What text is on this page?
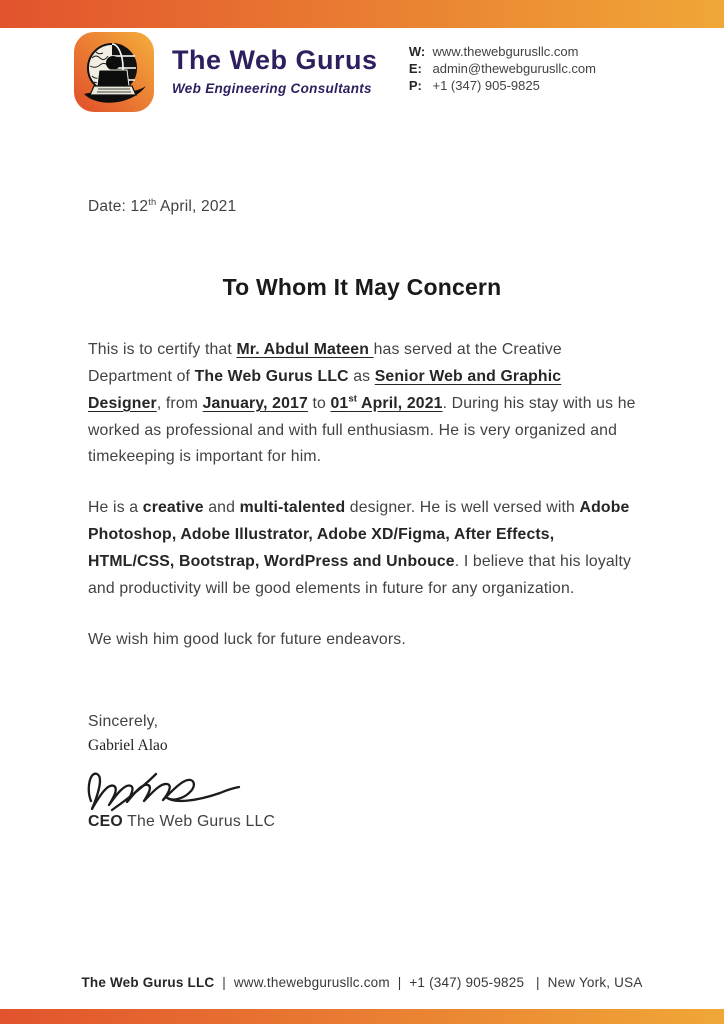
The Web Gurus
Web Engineering Consultants
W: www.thewebgurusllc.com
E: admin@thewebgurusllc.com
P: +1 (347) 905-9825
Date: 12th April, 2021
To Whom It May Concern

This is to certify that Mr. Abdul Mateen has served at the Creative Department of The Web Gurus LLC as Senior Web and Graphic Designer, from January, 2017 to 01st April, 2021. During his stay with us he worked as professional and with full enthusiasm. He is very organized and timekeeping is important for him.

He is a creative and multi-talented designer. He is well versed with Adobe Photoshop, Adobe Illustrator, Adobe XD/Figma, After Effects, HTML/CSS, Bootstrap, WordPress and Unbouce. I believe that his loyalty and productivity will be good elements in future for any organization.

We wish him good luck for future endeavors.

Sincerely,
Gabriel Alao
CEO The Web Gurus LLC
The Web Gurus LLC  |  www.thewebgurusllc.com  |  +1 (347) 905-9825   |  New York, USA
